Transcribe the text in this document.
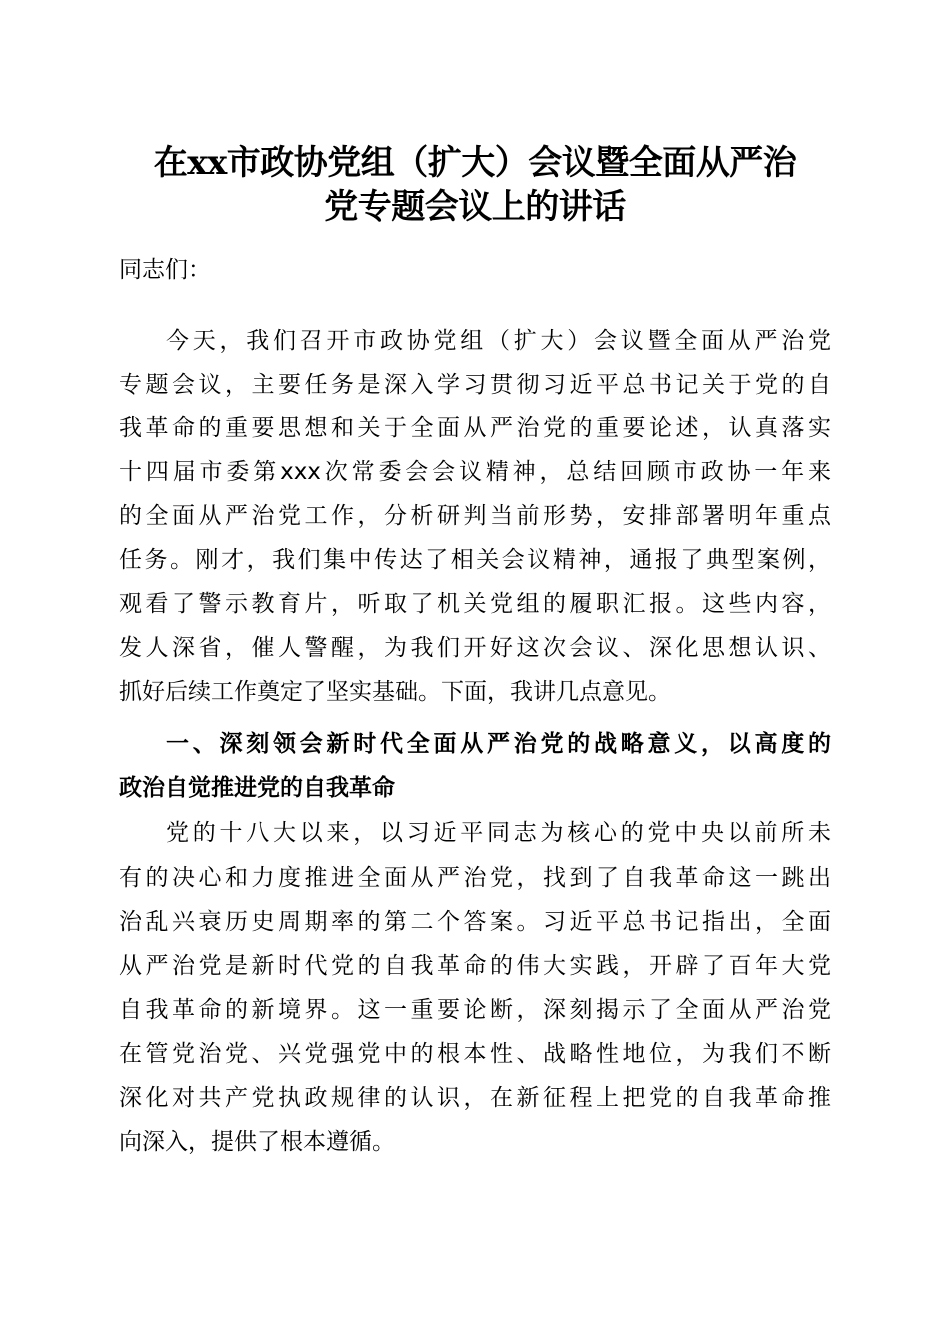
在xx市政协党组（扩大）会议暨全面从严治
党专题会议上的讲话
同志们：
今天，我们召开市政协党组（扩大）会议暨全面从严治党
专题会议，主要任务是深入学习贯彻习近平总书记关于党的自
我革命的重要思想和关于全面从严治党的重要论述，认真落实
十四届市委第xxx次常委会会议精神，总结回顾市政协一年来
的全面从严治党工作，分析研判当前形势，安排部署明年重点
任务。刚才，我们集中传达了相关会议精神，通报了典型案例，
观看了警示教育片，听取了机关党组的履职汇报。这些内容，
发人深省，催人警醒，为我们开好这次会议、深化思想认识、
抓好后续工作奠定了坚实基础。下面，我讲几点意见。
一、深刻领会新时代全面从严治党的战略意义，以高度的
政治自觉推进党的自我革命
党的十八大以来，以习近平同志为核心的党中央以前所未
有的决心和力度推进全面从严治党，找到了自我革命这一跳出
治乱兴衰历史周期率的第二个答案。习近平总书记指出，全面
从严治党是新时代党的自我革命的伟大实践，开辟了百年大党
自我革命的新境界。这一重要论断，深刻揭示了全面从严治党
在管党治党、兴党强党中的根本性、战略性地位，为我们不断
深化对共产党执政规律的认识，在新征程上把党的自我革命推
向深入，提供了根本遵循。
